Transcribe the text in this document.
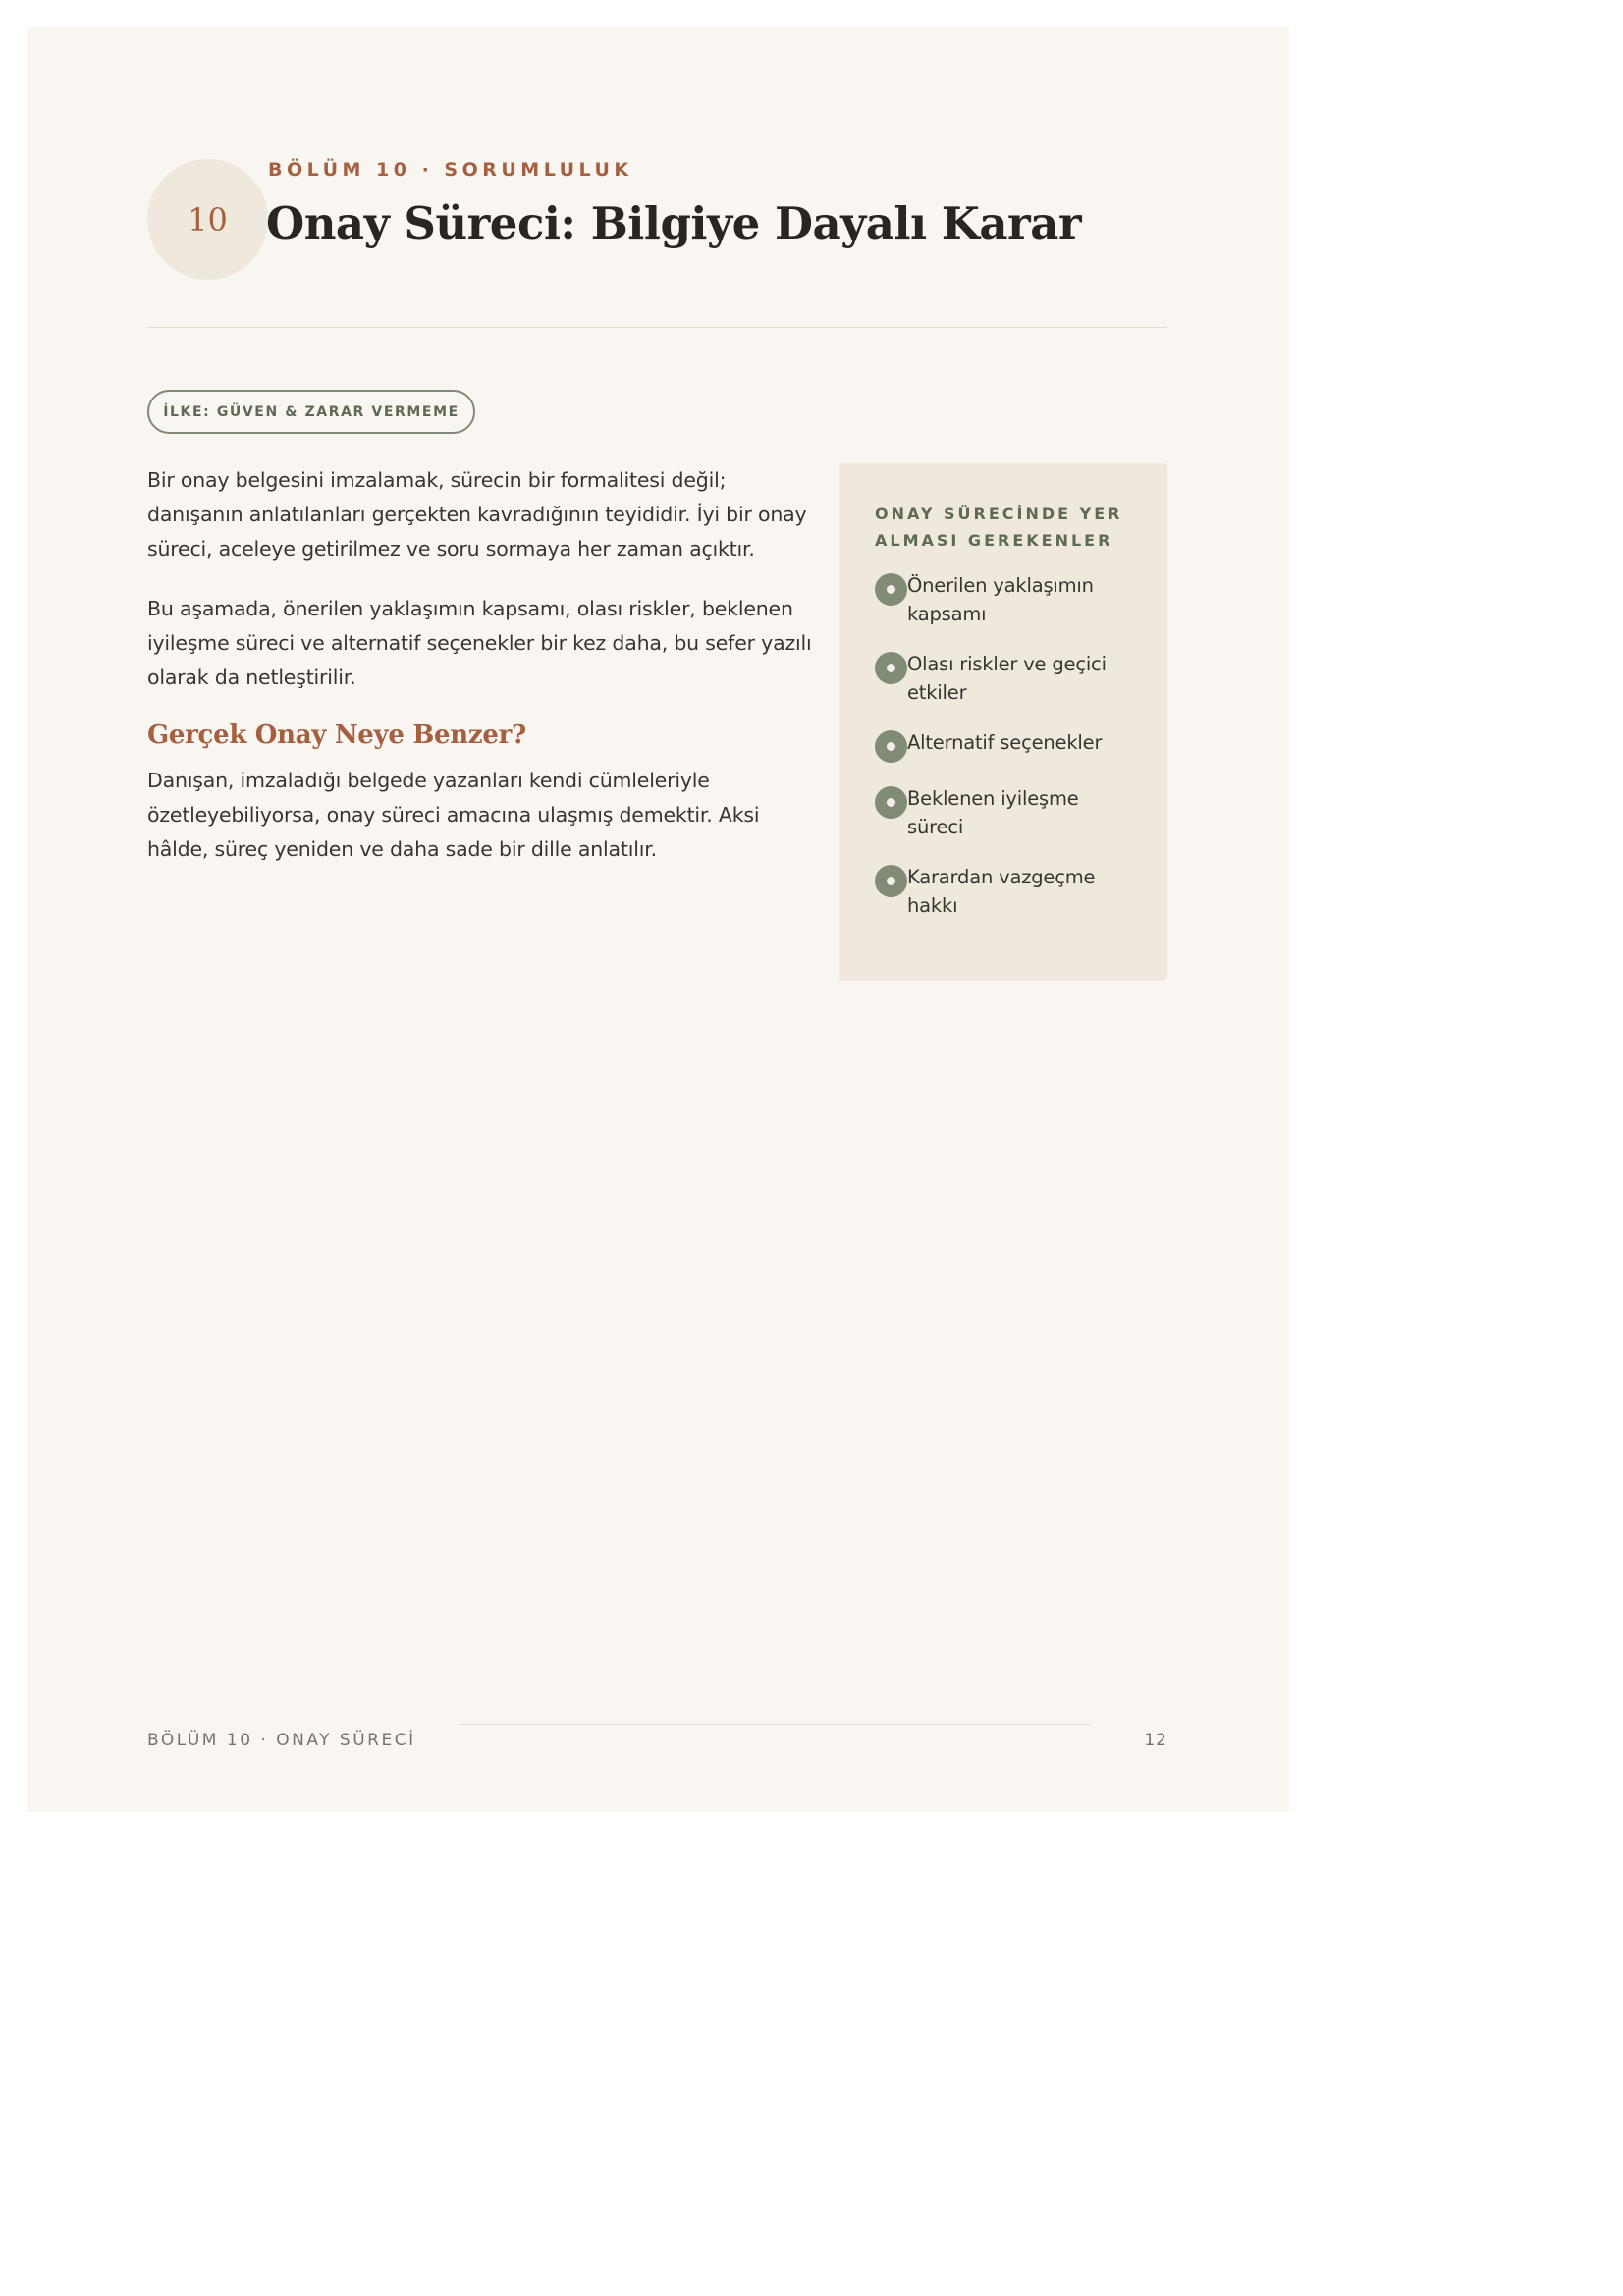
10
BÖLÜM 10 · SORUMLULUK
Onay Süreci: Bilgiye Dayalı Karar
İLKE: GÜVEN & ZARAR VERMEME

Bir onay belgesini imzalamak, sürecin bir formalitesi değil; danışanın anlatılanları gerçekten kavradığının teyididir. İyi bir onay süreci, aceleye getirilmez ve soru sormaya her zaman açıktır.

Bu aşamada, önerilen yaklaşımın kapsamı, olası riskler, beklenen iyileşme süreci ve alternatif seçenekler bir kez daha, bu sefer yazılı olarak da netleştirilir.

Gerçek Onay Neye Benzer?

Danışan, imzaladığı belgede yazanları kendi cümleleriyle özetleyebiliyorsa, onay süreci amacına ulaşmış demektir. Aksi hâlde, süreç yeniden ve daha sade bir dille anlatılır.

ONAY SÜRECİNDE YER ALMASI GEREKENLER
Önerilen yaklaşımın kapsamı
Olası riskler ve geçici etkiler
Alternatif seçenekler
Beklenen iyileşme süreci
Karardan vazgeçme hakkı
BÖLÜM 10 · ONAY SÜRECİ	12
